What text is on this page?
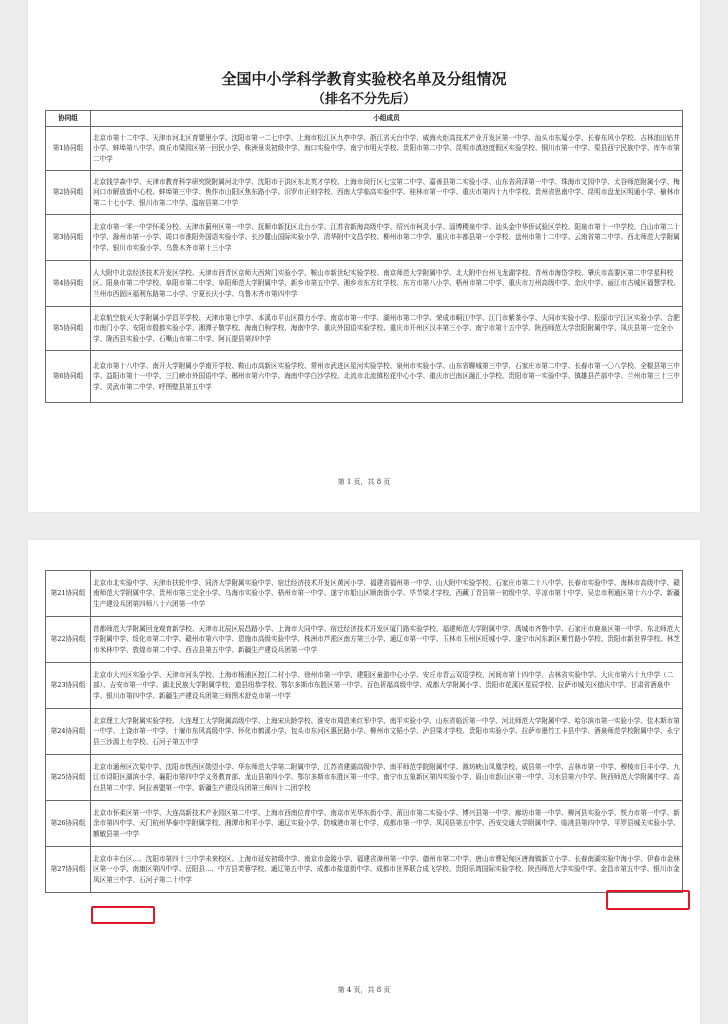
全国中小学科学教育实验校名单及分组情况
（排名不分先后）
协同组	小组成员
第1协同组	北京市第十二中学、天津市河北区育婴里小学、沈阳市第一二七中学、上海市松江区九亭中学、浙江省天台中学、威海火炬高技术产业开发区第一中学、汕头市东厦小学、长春东风小学校、吉林油田钻井小学、蚌埠第八中学、商丘市梁园区第一回民小学、株洲景炎初级中学、海口实验中学、南宁市明天学校、贵阳市第二中学、昆明市滇池度假区实验学校、铜川市第一中学、渠县西宁民族中学、库车市第二中学
第2协同组	北京钱学森中学、天津市教育科学研究院附属河北中学、沈阳市于洪区东北英才学校、上海市闵行区七宝第二中学、嘉善县第二实验小学、山东省菏泽第一中学、珠海市文园中学、太谷师范附属小学、梅河口市解放街中心校、蚌埠第三中学、焦作市山阳区焦东路小学、汨罗市正则学校、西南大学临高实验中学、桂林市第一中学、重庆市第四十九中学校、贵州省思南中学、昆明市盘龙区明通小学、榆林市第二十七小学、银川市第二中学、温宿县第二中学
第3协同组	北京市第一零一中学怀柔分校、天津市蓟州区第一中学、抚顺市新抚区北台小学、江苏省新海高级中学、绍兴市柯灵小学、淄博稷泉中学、汕头金中华侨试验区学校、阳泉市第十一中学校、白山市第二十中学、滁州市第一小学、周口市淮阳外国语实验小学、长沙麓山国际实验小学、清华附中文昌学校、柳州市第二中学、重庆市丰都县第一小学校、盘州市第十二中学、云南省第二中学、西北师范大学附属中学、银川市实验小学、乌鲁木齐市第十三小学
第4协同组	人大附中北京经济技术开发区学校、天津市西青区京师大西营门实验小学、鞍山市新世纪实验学校、南京师范大学附属中学、北大附中台州飞龙湖学校、青州市海岱学校、肇庆市高要区第二中学星科校区、阳泉市第二中学校、阜阳市第二中学、阜阳师范大学附属中学、新乡市第五中学、湘乡市东方红学校、东方市第八小学、梧州市第二中学、重庆市万州高级中学、余庆中学、丽江市古城区福慧学校、兰州市西固区福利东路第二小学、宁夏长庆小学、乌鲁木齐市第四中学
第5协同组	北京航空航天大学附属小学昌平学校、天津市第七中学、本溪市平山区群力小学、南京市第一中学、湖州市第二中学、荣成市峒江中学、江门市紫茶小学、大同市实验小学、松原市宁江区实验小学、合肥市南门小学、安阳市殷都实验小学、湘潭子敬学校、海南白驹学校、海南中学、重庆外国语实验学校、重庆市开州区汉丰第三小学、南宁市第十五中学、陕西师范大学贵阳附属中学、凤庆县第一完全小学、陇西县实验小学、石嘴山市第二中学、阿瓦提县第四中学
第6协同组	北京市第十八中学、南开大学附属小学南开学校、鞍山市高新区实验学校、常州市武进区星河实验学校、泉州市实验小学、山东省聊城第三中学、石家庄市第二中学、长春市第一〇八学校、全椒县第三中学、益阳市第十一中学、三门峡市外国语中学、郴州市第六中学、海南中学白沙学校、北流市北流镇松花中心小学、重庆市巴南区融汇小学校、贵阳市第一实验中学、镇雄县芒部中学、兰州市第三十三中学、灵武市第二中学、呼图壁县第五中学
第 1 页，共 8 页
第21协同组	北京市北实验中学、天津市扶轮中学、同济大学附属实验中学、宿迁经济技术开发区黄河小学、福建省福州第一中学、山大附中实验学校、石家庄市第二十八中学、长春市实验中学、海林市高级中学、赣南师范大学附属中学、贵州市第三完全小学、乌海市实验小学、梧州市第一中学、遂宁市船山区顺南街小学、毕节梁才学校、西藏丁青县第一初级中学、平凉市第十中学、吴忠市利通区第十六小学、新疆生产建设兵团第四师八十六团第一中学
第22协同组	首都师范大学附属回龙观育新学校、天津市北辰区辰昌路小学、上海市大同中学、宿迁经济技术开发区厦门路实验学校、福建师范大学附属中学、禹城市齐鲁中学、石家庄市鹿泉区第一中学、东北师范大学附属中学、绥化市第二中学、赣州市第六中学、恩施市高级实验中学、株洲市芦淞区南方第三小学、通辽市第一中学、玉林市玉州区旺城小学、遂宁市河东新区紫竹路小学校、贵阳市新世界学校、林芝市米林中学、敦煌市第二中学、西吉县第五中学、新疆生产建设兵团第一中学
第23协同组	北京市大兴区实验小学、天津市河头学校、上海市杨浦区控江二村小学、徐州市第一中学、建阳区童游中心小学、安丘市青云双语学校、河间市第十四中学、吉林省实验中学、大庆市第六十九中学（二部）、吉安市第一中学、湖北民族大学附属学校、道县纽恭学校、鄂尔多斯市东胜区第一中学、百色祈福高级中学、成都大学附属小学、贵阳市花溪区星辰学校、拉萨市城关区德庆中学、甘肃省酒泉中学、银川市第四中学、新疆生产建设兵团第三师图木舒克市第一中学
第24协同组	北京理工大学附属实验学校、大连理工大学附属高级中学、上海宋庆龄学校、淮安市周恩来红军中学、南平实验小学、山东省临沂第一中学、河北师范大学附属中学、哈尔滨市第一实验小学、佳木斯市第一中学、上饶市第一中学、十堰市东风高级中学、怀化市鹤溪小学、包头市东河区惠民路小学、柳州市文韬小学、泸县梁才学校、贵阳市实验小学、拉萨市墨竹工卡县中学、酒泉师范学校附属中学、永宁县三沙源上有学校、石河子第五中学
第25协同组	北京市通州区次渠中学、沈阳市铁西区勋望小学、华东师范大学第二附属中学、江苏省建湖高级中学、南平师范学院附属中学、潍坊峡山凤凰学校、威县第一中学、吉林市第一中学、穆棱市巨丰小学、九江市浔阳区湖滨小学、襄阳市第四中学义务教育部、龙山县第四小学、鄂尔多斯市东胜区第一中学、南宁市五象新区第四实验小学、眉山市彭山区第一中学、习水县第六中学、陕西师范大学附属中学、高台县第二中学、阿拉善盟第一中学、新疆生产建设兵团第三师四十二团学校
第26协同组	北京市怀柔区第一中学、大连高新技术产业园区第二中学、上海市西南位育中学、南京市光华东街小学、莆田市第二实验小学、博兴县第一中学、廊坊市第一中学、柳河县实验小学、铁力市第一中学、新余市第四中学、天门杭州华泰中学附属学校、湘潭市和平小学、通辽实验小学、防城港市第七中学、成都市第一中学、凤冈县第五中学、西安交通大学附属中学、临洮县第四中学、平罗县城关实验小学、额敏县第一中学
第27协同组	北京市丰台区…、沈阳市第四十三中学未来校区、上海市延安初级中学、南京市金陵小学、福建省漳州第一中学、德州市第二中学、唐山市曹妃甸区唐海镇新立小学、长春南湖实验中海小学、伊春市金林区第一小学、南康区第四中学、岳阳县...、中方县芙蓉学校、通辽第五中学、成都市盐道街中学、成都市世界联合成飞学校、贵阳乐湾国际实验学校、陕西师范大学实验中学、金昌市第五中学、银川市金凤区第三中学、石河子第二十中学
第 4 页，共 8 页
